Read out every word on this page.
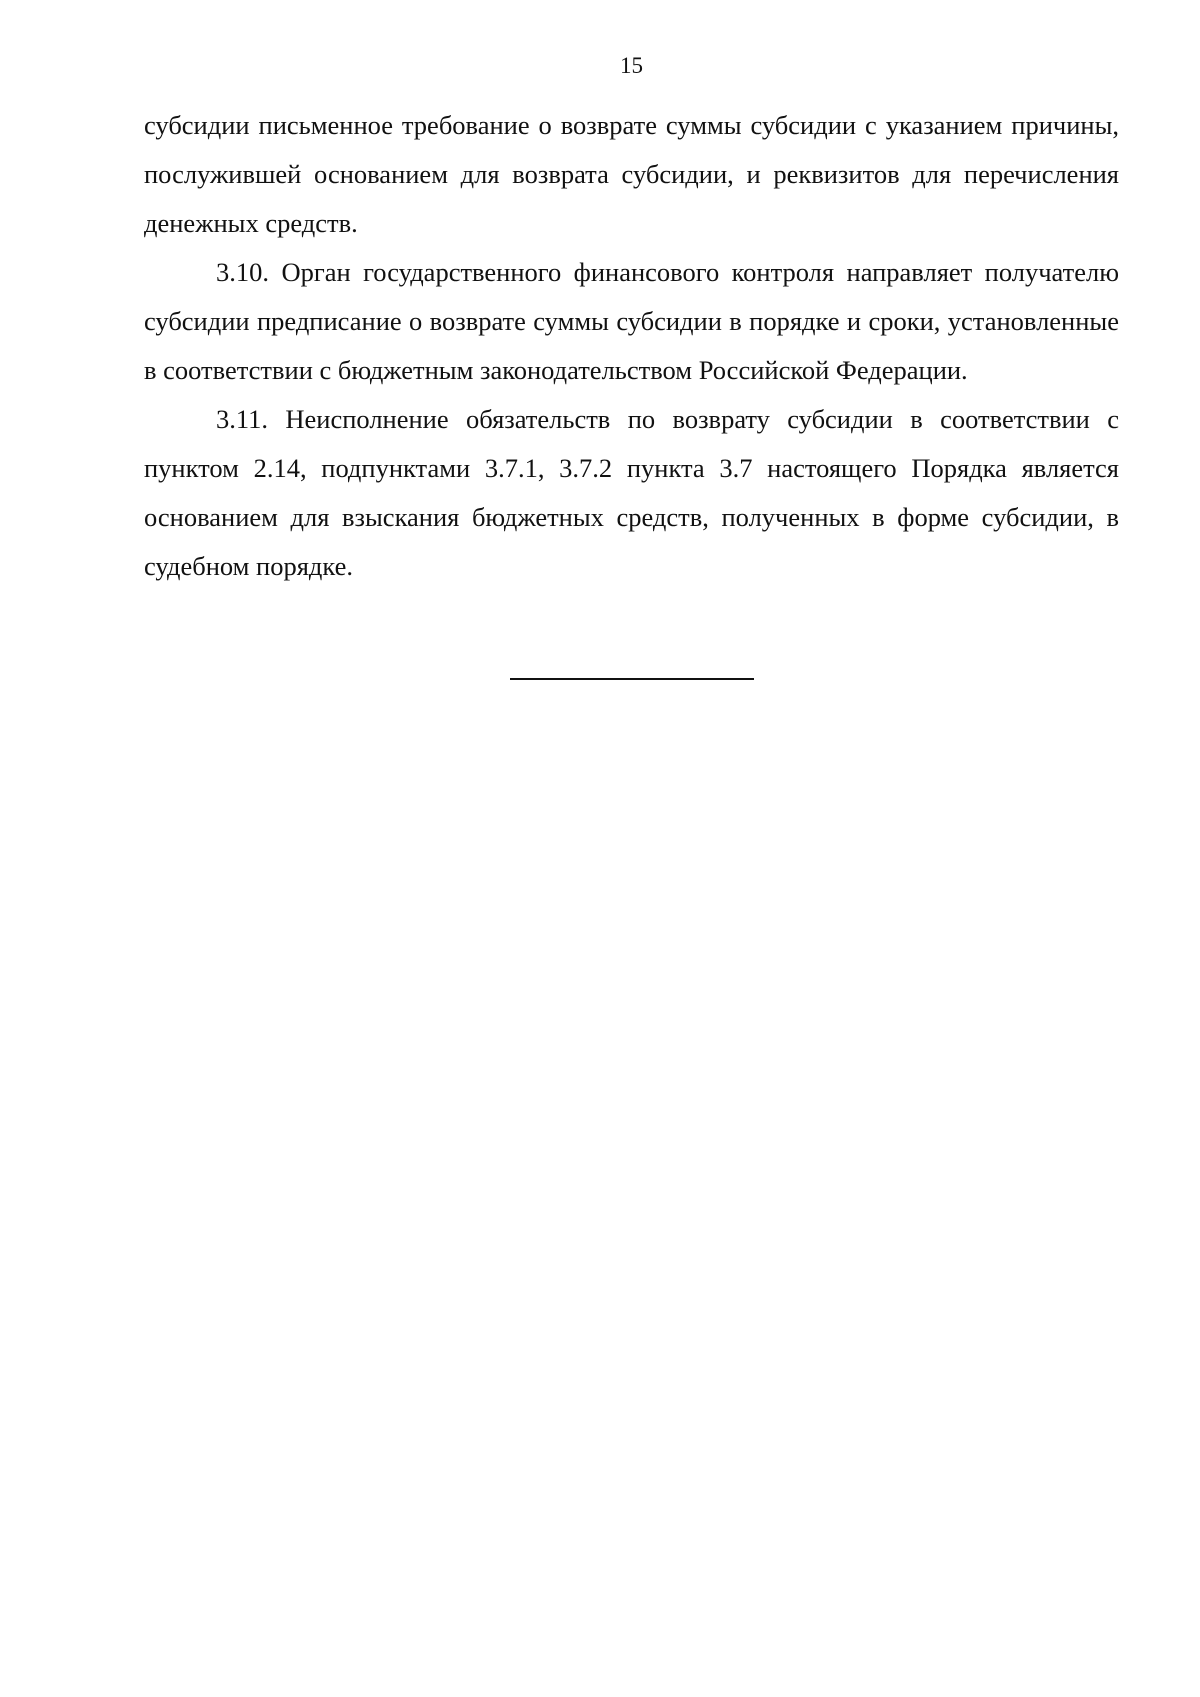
15

субсидии письменное требование о возврате суммы субсидии с указанием причины, послужившей основанием для возврата субсидии, и реквизитов для перечисления денежных средств.

3.10. Орган государственного финансового контроля направляет получателю субсидии предписание о возврате суммы субсидии в порядке и сроки, установленные в соответствии с бюджетным законодательством Российской Федерации.

3.11. Неисполнение обязательств по возврату субсидии в соответствии с пунктом 2.14, подпунктами 3.7.1, 3.7.2 пункта 3.7 настоящего Порядка является основанием для взыскания бюджетных средств, полученных в форме субсидии, в судебном порядке.
